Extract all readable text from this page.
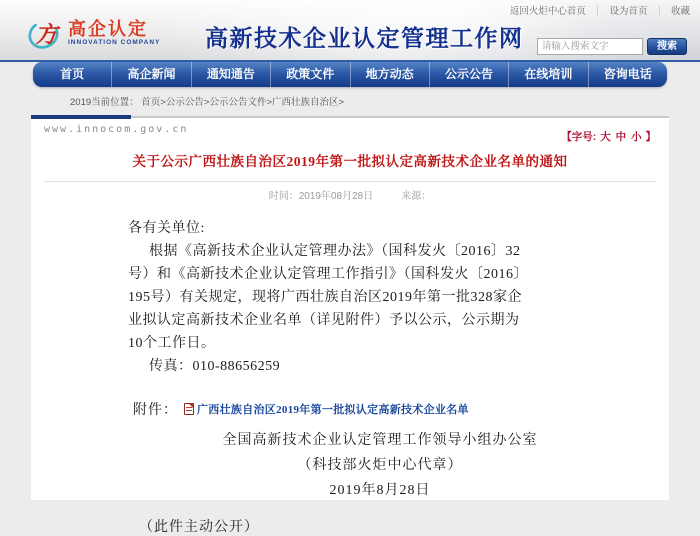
返回火炬中心首页 ｜ 设为首页 ｜ 收藏
方 高企认定
INNOVATION COMPANY 高新技术企业认定管理工作网
请输入搜索文字	搜索
首页	高企新闻	通知通告	政策文件	地方动态	公示公告	在线培训	咨询电话
2019当前位置： 首页>公示公告>公示公告文件>广西壮族自治区>
www.innocom.gov.cn
【字号: 大 中 小 】
关于公示广西壮族自治区2019年第一批拟认定高新技术企业名单的通知
时间：2019年08月28日	来源：

各有关单位:

根据《高新技术企业认定管理办法》（国科发火〔2016〕32号）和《高新技术企业认定管理工作指引》（国科发火〔2016〕195号）有关规定，现将广西壮族自治区2019年第一批328家企业拟认定高新技术企业名单（详见附件）予以公示，公示期为10个工作日。

传真：010-88656259

附件： 广西壮族自治区2019年第一批拟认定高新技术企业名单
全国高新技术企业认定管理工作领导小组办公室
（科技部火炬中心代章）
2019年8月28日
（此件主动公开）
